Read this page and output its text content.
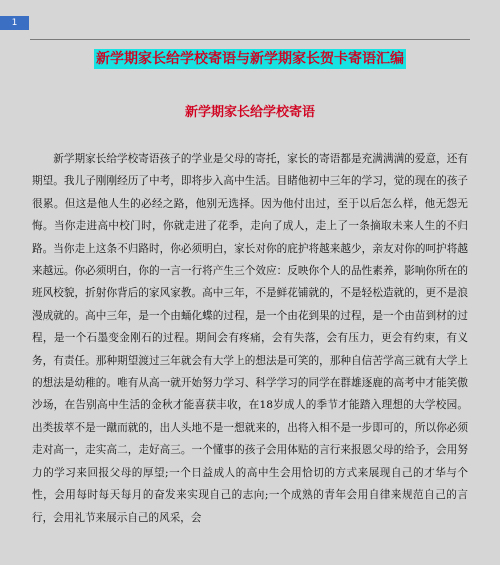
1
新学期家长给学校寄语与新学期家长贺卡寄语汇编
新学期家长给学校寄语

新学期家长给学校寄语孩子的学业是父母的寄托，家长的寄语都是充满满满的爱意，还有期望。我儿子刚刚经历了中考，即将步入高中生活。目睹他初中三年的学习，觉的现在的孩子很累。但这是他人生的必经之路，他别无选择。因为他付出过，至于以后怎么样，他无怨无悔。当你走进高中校门时，你就走进了花季，走向了成人，走上了一条摘取未来人生的不归路。当你走上这条不归路时，你必须明白，家长对你的庇护将越来越少，亲友对你的呵护将越来越远。你必须明白，你的一言一行将产生三个效应：反映你个人的品性素养，影响你所在的班风校貌，折射你背后的家风家教。高中三年，不是鲜花铺就的，不是轻松造就的，更不是浪漫成就的。高中三年，是一个由蛹化蝶的过程，是一个由花到果的过程，是一个由苗到材的过程，是一个石墨变金刚石的过程。期间会有疼痛，会有失落，会有压力，更会有约束，有义务，有责任。那种期望渡过三年就会有大学上的想法是可笑的，那种自信苦学高三就有大学上的想法是幼稚的。唯有从高一就开始努力学习、科学学习的同学在群雄逐鹿的高考中才能笑傲沙场，在告别高中生活的金秋才能喜获丰收，在18岁成人的季节才能踏入理想的大学校园。出类拔萃不是一蹴而就的，出人头地不是一想就来的，出将入相不是一步即可的，所以你必须走对高一，走实高二，走好高三。一个懂事的孩子会用体贴的言行来报恩父母的给予，会用努力的学习来回报父母的厚望;一个日益成人的高中生会用恰切的方式来展现自己的才华与个性，会用每时每天每月的奋发来实现自己的志向;一个成熟的青年会用自律来规范自己的言行，会用礼节来展示自己的风采，会
